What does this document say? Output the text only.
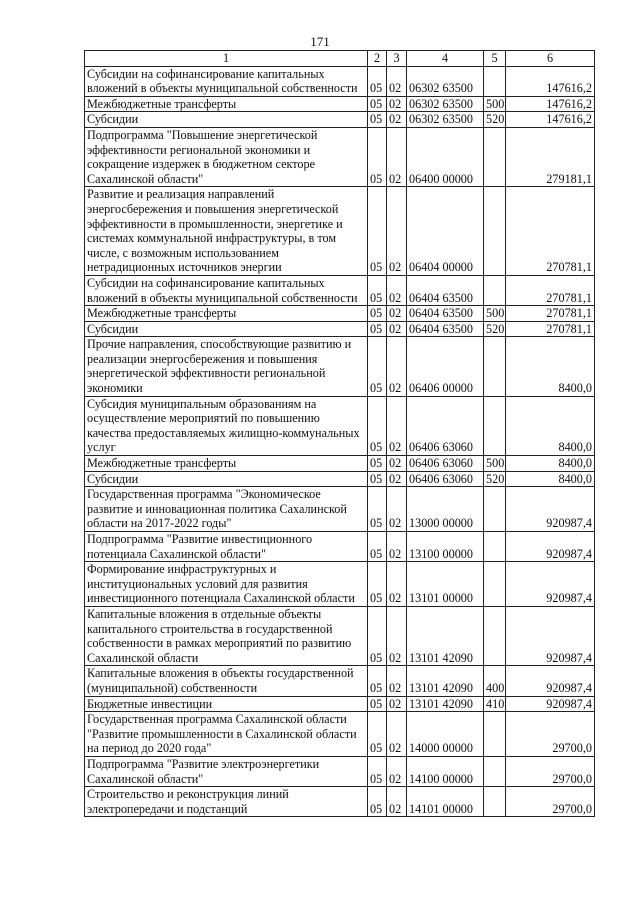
171
1	2	3	4	5	6
Субсидии на софинансирование капитальных вложений в объекты муниципальной собственности	05	02	06302 63500		147616,2
Межбюджетные трансферты	05	02	06302 63500	500	147616,2
Субсидии	05	02	06302 63500	520	147616,2
Подпрограмма "Повышение энергетической эффективности региональной экономики и сокращение издержек в бюджетном секторе Сахалинской области"	05	02	06400 00000		279181,1
Развитие и реализация направлений энергосбережения и повышения энергетической эффективности в промышленности, энергетике и системах коммунальной инфраструктуры, в том числе, с возможным использованием нетрадиционных источников энергии	05	02	06404 00000		270781,1
Субсидии на софинансирование капитальных вложений в объекты муниципальной собственности	05	02	06404 63500		270781,1
Межбюджетные трансферты	05	02	06404 63500	500	270781,1
Субсидии	05	02	06404 63500	520	270781,1
Прочие направления, способствующие развитию и реализации энергосбережения и повышения энергетической эффективности региональной экономики	05	02	06406 00000		8400,0
Субсидия муниципальным образованиям на осуществление мероприятий по повышению качества предоставляемых жилищно-коммунальных услуг	05	02	06406 63060		8400,0
Межбюджетные трансферты	05	02	06406 63060	500	8400,0
Субсидии	05	02	06406 63060	520	8400,0
Государственная программа "Экономическое развитие и инновационная политика Сахалинской области на 2017-2022 годы"	05	02	13000 00000		920987,4
Подпрограмма "Развитие инвестиционного потенциала Сахалинской области"	05	02	13100 00000		920987,4
Формирование инфраструктурных и институциональных условий для развития инвестиционного потенциала Сахалинской области	05	02	13101 00000		920987,4
Капитальные вложения в отдельные объекты капитального строительства в государственной собственности в рамках мероприятий по развитию Сахалинской области	05	02	13101 42090		920987,4
Капитальные вложения в объекты государственной (муниципальной) собственности	05	02	13101 42090	400	920987,4
Бюджетные инвестиции	05	02	13101 42090	410	920987,4
Государственная программа Сахалинской области "Развитие промышленности в Сахалинской области на период до 2020 года"	05	02	14000 00000		29700,0
Подпрограмма "Развитие электроэнергетики Сахалинской области"	05	02	14100 00000		29700,0
Строительство и реконструкция линий электропередачи и подстанций	05	02	14101 00000		29700,0
